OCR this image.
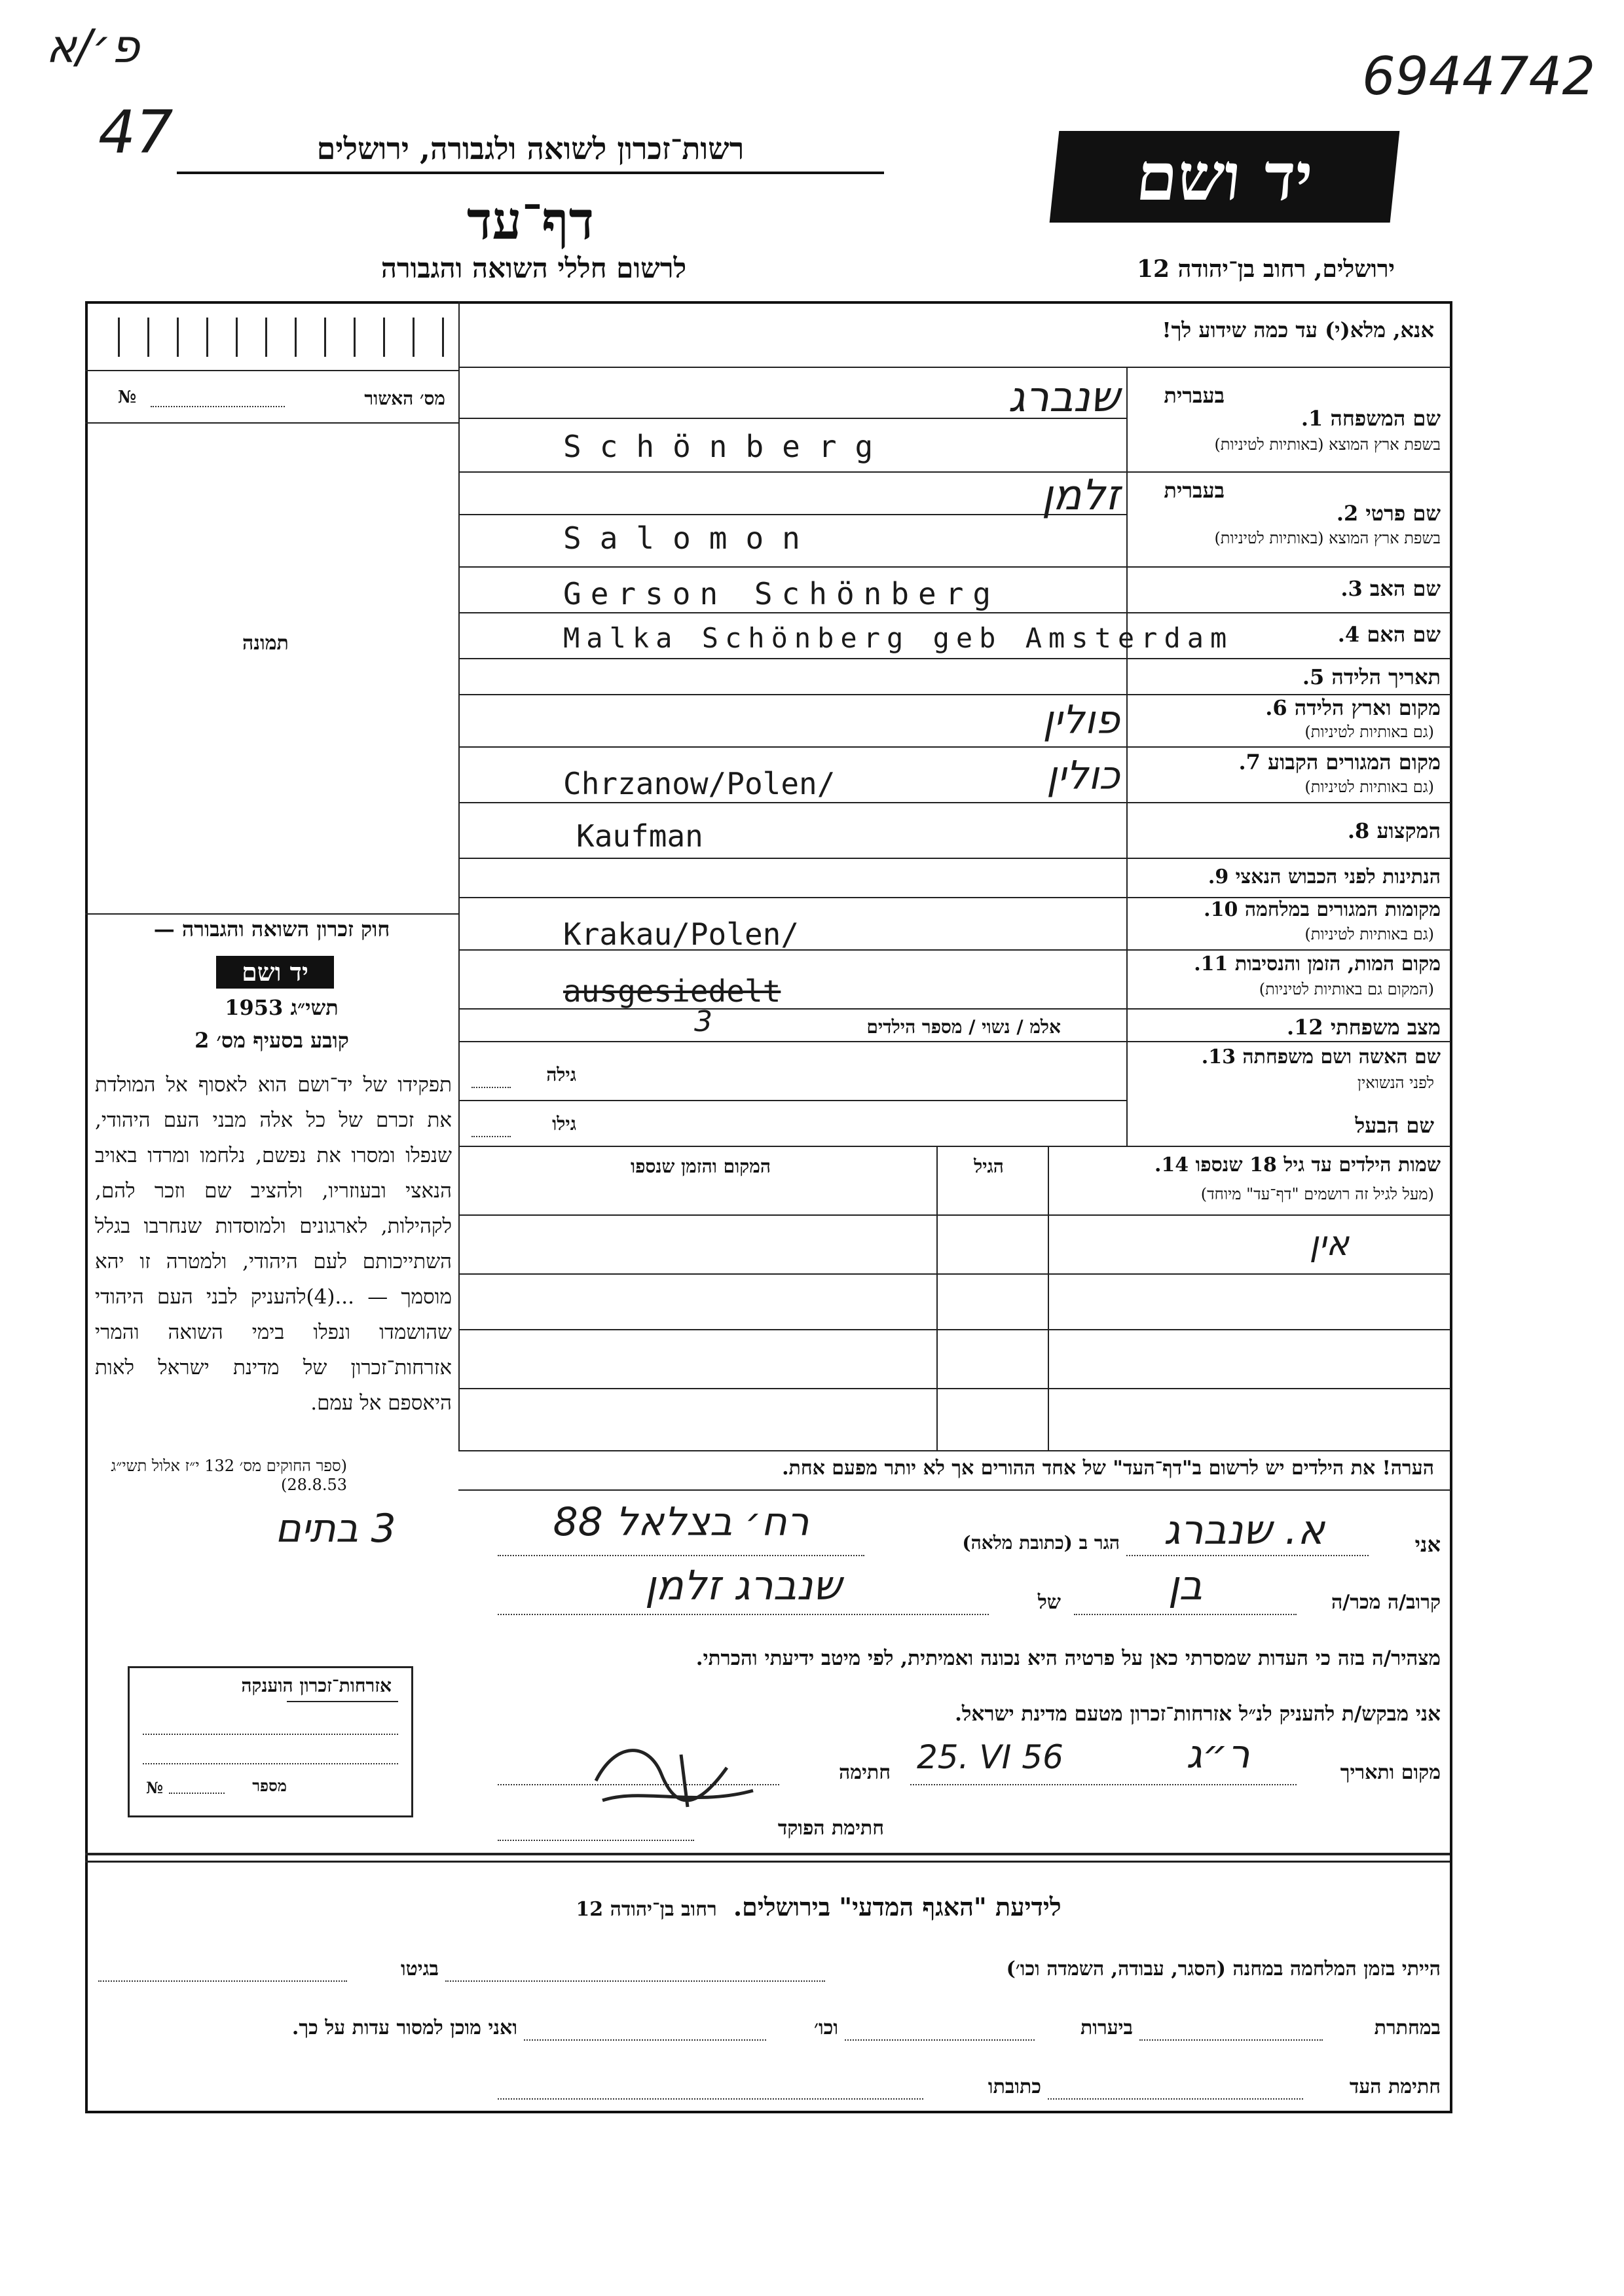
פ׳/א
47
6944742
רשות־זכרון לשואה ולגבורה, ירושלים
דף־עד
לרשום חללי השואה והגבורה
יד ושם
ירושלים, רחוב בן־יהודה 12
אנא, מלא(י) עד כמה שידוע לך!
מס׳ האשור
№
תמונה
בעברית
שם המשפחה 1.
בשפת ארץ המוצא (באותיות לטיניות)
שנברג
Schönberg
בעברית
שם פרטי 2.
בשפת ארץ המוצא (באותיות לטיניות)
זלמן
Salomon
שם האב 3.
Gerson Schönberg
שם האם 4.
Malka Schönberg geb Amsterdam
תאריך הלידה 5.
מקום וארץ הלידה 6.
(גם באותיות לטיניות)
פולין
מקום המגורים הקבוע 7.
(גם באותיות לטיניות)
Chrzanow/Polen/	כולין
המקצוע 8.
Kaufman
הנתינות לפני הכבוש הנאצי 9.
מקומות המגורים במלחמה 10.
(גם באותיות לטיניות)
Krakau/Polen/
מקום המות, הזמן והנסיבות 11.
(המקום גם באותיות לטיניות)
ausgesiedelt
מצב משפחתי 12.
אלמ / נשוי / מספר הילדים
3
שם האשה ושם משפחתה 13.
לפני הנשואין
גילה
שם הבעל
גילו
שמות הילדים עד גיל 18 שנספו 14.
(מעל לגיל זה רושמים "דף־עד" מיוחד)
הגיל
המקום והזמן שנספו
אין
חוק זכרון השואה והגבורה —
יד ושם
תשי״ג 1953
קובע בסעיף מס׳ 2
תפקידו של יד־ושם הוא לאסוף אל המולדת את זכרם של כל אלה מבני העם היהודי, שנפלו ומסרו את נפשם, נלחמו ומרדו באויב הנאצי ובעוזריו, ולהציב שם וזכר להם, לקהילות, לארגונים ולמוסדות שנחרבו בגלל השתייכותם לעם היהודי, ולמטרה זו יהא מוסמך — ...(4)להעניק לבני העם היהודי שהושמדו ונפלו בימי השואה והמרי אזרחות־זכרון של מדינת ישראל לאות היאספם אל עמם.
(ספר החוקים מס׳ 132 י״ז אלול תשי״ג 28.8.53)
הערה! את הילדים יש לרשום ב"דף־העד" של אחד ההורים אך לא יותר מפעם אחת.
3 בתים	אני
א. שנברג
הגר ב (כתובת מלאה)
רח׳ בצלאל 88
קרוב/ה מכר/ה
בן
של
שנברג זלמן
מצהיר/ה בזה כי העדות שמסרתי כאן על פרטיה היא נכונה ואמיתית, לפי מיטב ידיעתי והכרתי.
אני מבקש/ת להעניק לנ״ל אזרחות־זכרון מטעם מדינת ישראל.
מקום ותאריך
ר״ג
25. VI 56
חתימה
חתימת הפוקד
אזרחות־זכרון הוענקה
מספר
№
לידיעת "האגף המדעי" בירושלים. רחוב בן־יהודה 12
הייתי בזמן המלחמה במחנה (הסגר, עבודה, השמדה וכו׳)
בגיטו
במחתרת
ביערות
וכו׳
ואני מוכן למסור עדות על כך.
חתימת העד
כתובתו
